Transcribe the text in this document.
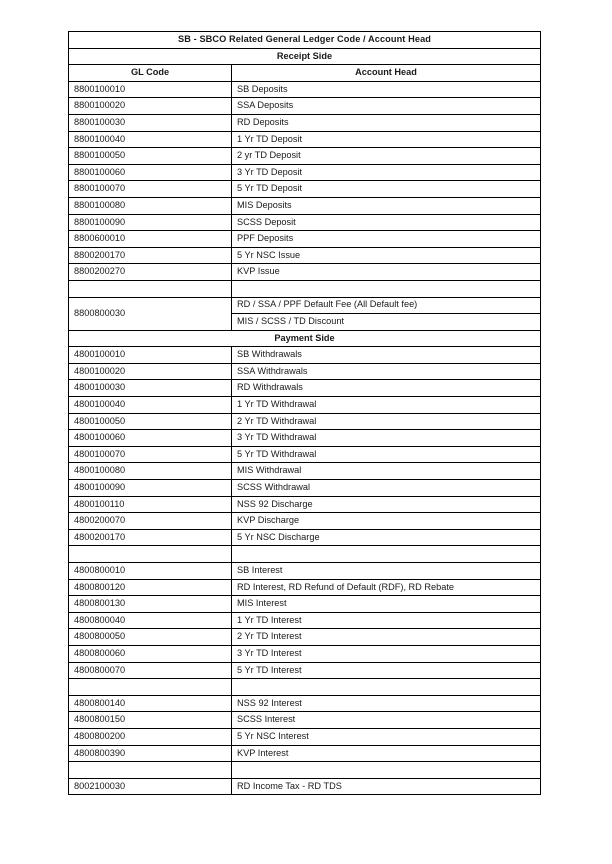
SB - SBCO Related General Ledger Code / Account Head	
Receipt Side	
GL Code	Account Head
8800100010	SB Deposits
8800100020	SSA Deposits
8800100030	RD Deposits
8800100040	1 Yr TD Deposit
8800100050	2 yr TD Deposit
8800100060	3 Yr TD Deposit
8800100070	5 Yr TD Deposit
8800100080	MIS Deposits
8800100090	SCSS Deposit
8800600010	PPF Deposits
8800200170	5 Yr NSC Issue
8800200270	KVP Issue

8800800030	RD / SSA / PPF Default Fee (All Default fee)
	MIS / SCSS / TD Discount
Payment Side	
4800100010	SB Withdrawals
4800100020	SSA Withdrawals
4800100030	RD Withdrawals
4800100040	1 Yr TD Withdrawal
4800100050	2 Yr TD Withdrawal
4800100060	3 Yr TD Withdrawal
4800100070	5 Yr TD Withdrawal
4800100080	MIS Withdrawal
4800100090	SCSS Withdrawal
4800100110	NSS 92 Discharge
4800200070	KVP Discharge
4800200170	5 Yr NSC Discharge

4800800010	SB Interest
4800800120	RD Interest, RD Refund of Default (RDF), RD Rebate
4800800130	MIS Interest
4800800040	1 Yr TD Interest
4800800050	2 Yr TD Interest
4800800060	3 Yr TD Interest
4800800070	5 Yr TD Interest

4800800140	NSS 92 Interest
4800800150	SCSS Interest
4800800200	5 Yr NSC Interest
4800800390	KVP Interest

8002100030	RD Income Tax - RD TDS
